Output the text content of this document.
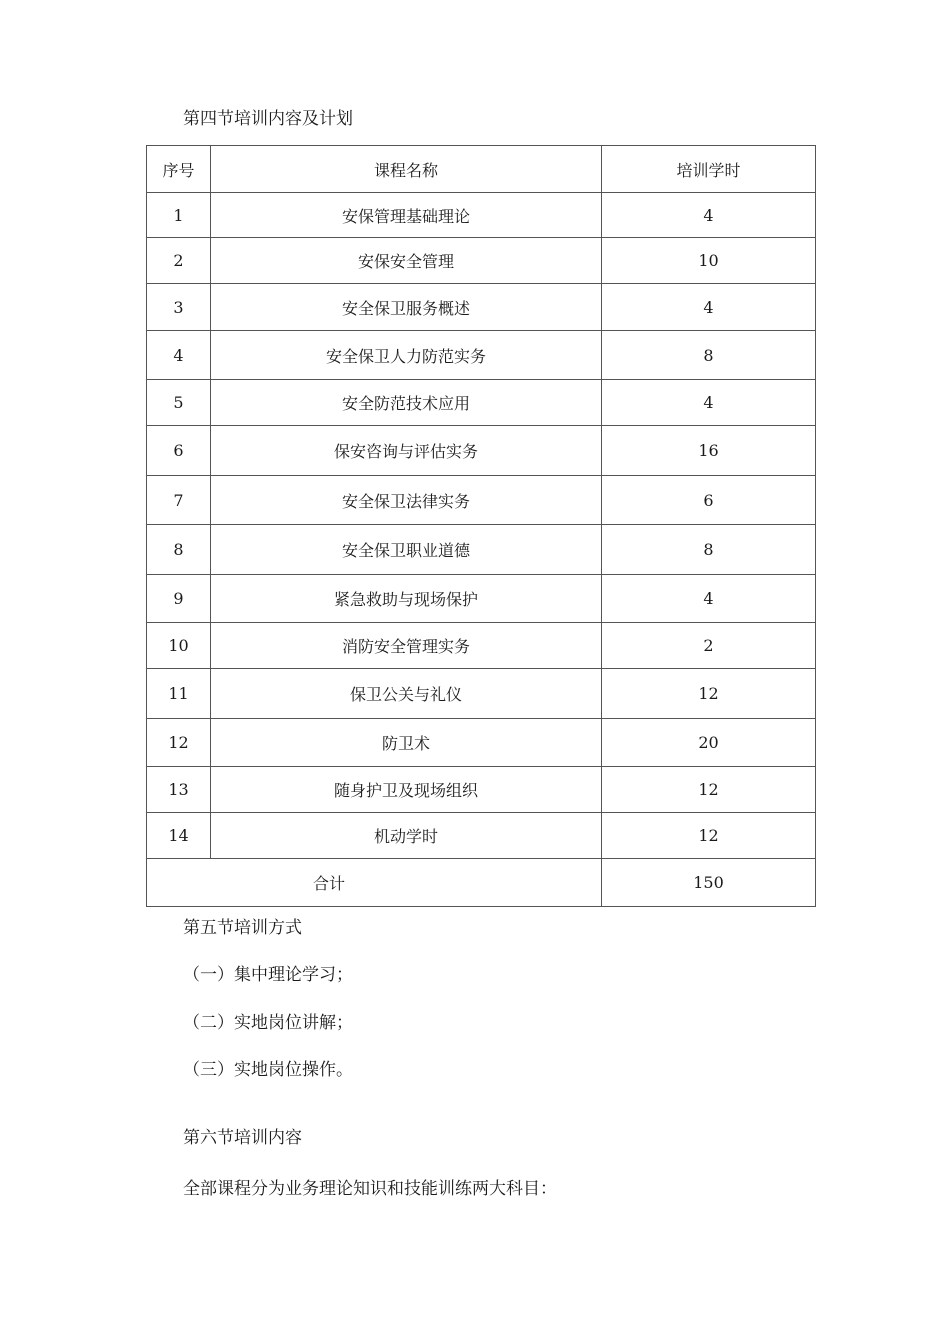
第四节培训内容及计划
序号	课程名称	培训学时
1	安保管理基础理论	4
2	安保安全管理	10
3	安全保卫服务概述	4
4	安全保卫人力防范实务	8
5	安全防范技术应用	4
6	保安咨询与评估实务	16
7	安全保卫法律实务	6
8	安全保卫职业道德	8
9	紧急救助与现场保护	4
10	消防安全管理实务	2
11	保卫公关与礼仪	12
12	防卫术	20
13	随身护卫及现场组织	12
14	机动学时	12
合计		150
第五节培训方式
（一）集中理论学习；
（二）实地岗位讲解；
（三）实地岗位操作。
第六节培训内容
全部课程分为业务理论知识和技能训练两大科目：
